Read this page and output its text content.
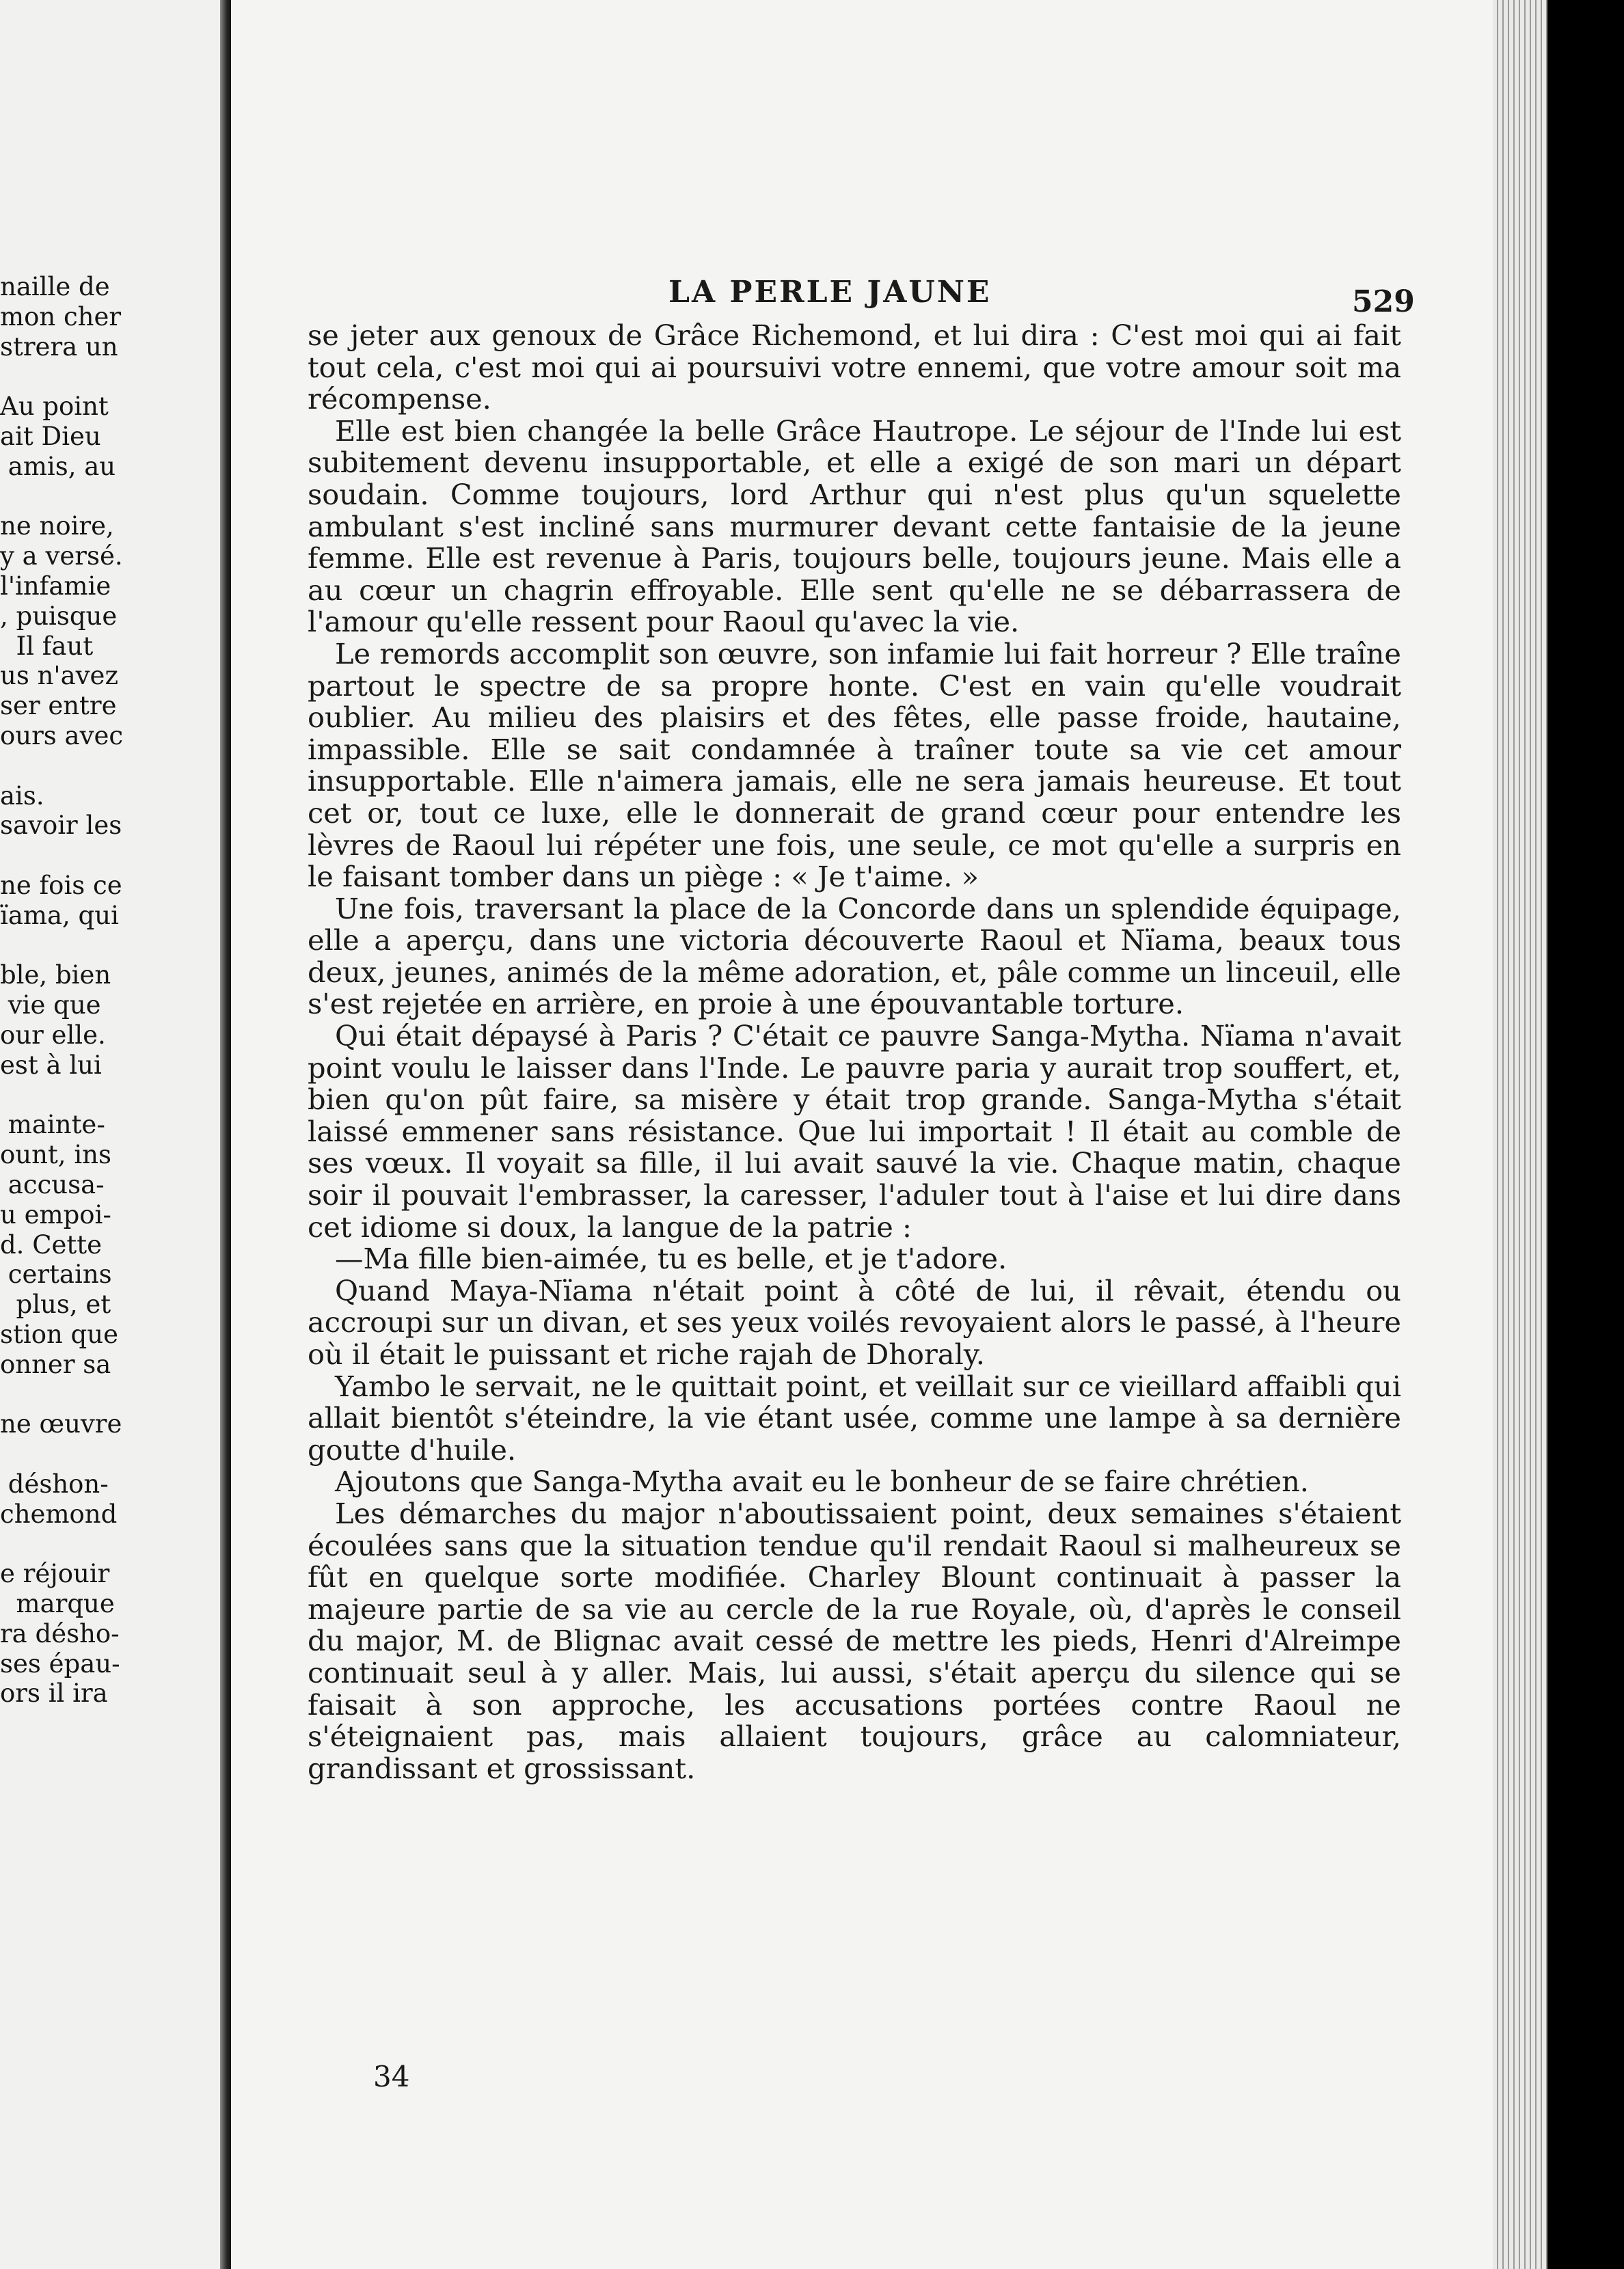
naille de
mon cher
strera un
Au point
ait Dieu
amis, au
ne noire,
y a versé.
l'infamie
, puisque
Il faut
us n'avez
ser entre
ours avec
ais.
savoir les
ne fois ce
ïama, qui
ble, bien
vie que
our elle.
est à lui
mainte-
ount, ins
accusa-
u empoi-
d. Cette
certains
plus, et
stion que
onner sa
ne œuvre
déshon-
chemond
e réjouir
marque
ra désho-
ses épau-
ors il ira
LA PERLE JAUNE	529

se jeter aux genoux de Grâce Richemond, et lui dira : C'est moi qui ai fait tout cela, c'est moi qui ai poursuivi votre ennemi, que votre amour soit ma récompense.

Elle est bien changée la belle Grâce Hautrope. Le séjour de l'Inde lui est subitement devenu insupportable, et elle a exigé de son mari un départ soudain. Comme toujours, lord Arthur qui n'est plus qu'un squelette ambulant s'est incliné sans murmurer devant cette fantaisie de la jeune femme. Elle est revenue à Paris, toujours belle, toujours jeune. Mais elle a au cœur un chagrin effroyable. Elle sent qu'elle ne se débarrassera de l'amour qu'elle ressent pour Raoul qu'avec la vie.

Le remords accomplit son œuvre, son infamie lui fait horreur ? Elle traîne partout le spectre de sa propre honte. C'est en vain qu'elle voudrait oublier. Au milieu des plaisirs et des fêtes, elle passe froide, hautaine, impassible. Elle se sait condamnée à traîner toute sa vie cet amour insupportable. Elle n'aimera jamais, elle ne sera jamais heureuse. Et tout cet or, tout ce luxe, elle le donnerait de grand cœur pour entendre les lèvres de Raoul lui répéter une fois, une seule, ce mot qu'elle a surpris en le faisant tomber dans un piège : « Je t'aime. »

Une fois, traversant la place de la Concorde dans un splendide équipage, elle a aperçu, dans une victoria découverte Raoul et Nïama, beaux tous deux, jeunes, animés de la même adoration, et, pâle comme un linceuil, elle s'est rejetée en arrière, en proie à une épouvantable torture.

Qui était dépaysé à Paris ? C'était ce pauvre Sanga-Mytha. Nïama n'avait point voulu le laisser dans l'Inde. Le pauvre paria y aurait trop souffert, et, bien qu'on pût faire, sa misère y était trop grande. Sanga-Mytha s'était laissé emmener sans résistance. Que lui importait ! Il était au comble de ses vœux. Il voyait sa fille, il lui avait sauvé la vie. Chaque matin, chaque soir il pouvait l'embrasser, la caresser, l'aduler tout à l'aise et lui dire dans cet idiome si doux, la langue de la patrie :

—Ma fille bien-aimée, tu es belle, et je t'adore.

Quand Maya-Nïama n'était point à côté de lui, il rêvait, étendu ou accroupi sur un divan, et ses yeux voilés revoyaient alors le passé, à l'heure où il était le puissant et riche rajah de Dhoraly.

Yambo le servait, ne le quittait point, et veillait sur ce vieillard affaibli qui allait bientôt s'éteindre, la vie étant usée, comme une lampe à sa dernière goutte d'huile.

Ajoutons que Sanga-Mytha avait eu le bonheur de se faire chrétien.

Les démarches du major n'aboutissaient point, deux semaines s'étaient écoulées sans que la situation tendue qu'il rendait Raoul si malheureux se fût en quelque sorte modifiée. Charley Blount continuait à passer la majeure partie de sa vie au cercle de la rue Royale, où, d'après le conseil du major, M. de Blignac avait cessé de mettre les pieds, Henri d'Alreimpe continuait seul à y aller. Mais, lui aussi, s'était aperçu du silence qui se faisait à son approche, les accusations portées contre Raoul ne s'éteignaient pas, mais allaient toujours, grâce au calomniateur, grandissant et grossissant.

34
